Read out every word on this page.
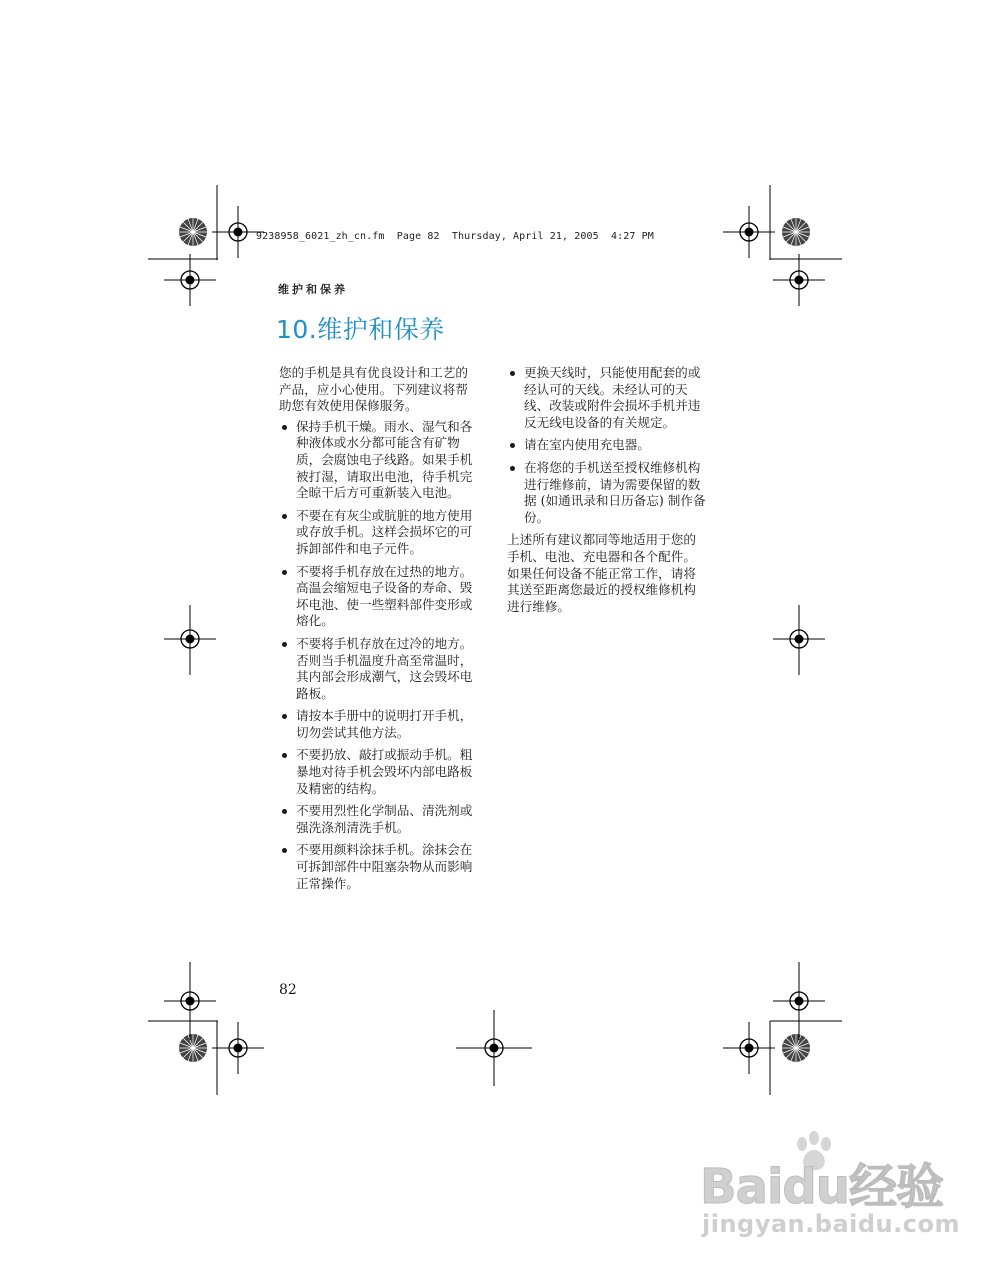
9238958_6021_zh_cn.fm  Page 82  Thursday, April 21, 2005  4:27 PM
维护和保养
10.维护和保养

您的手机是具有优良设计和工艺的产品，应小心使用。下列建议将帮助您有效使用保修服务。

保持手机干燥。雨水、湿气和各种液体或水分都可能含有矿物质，会腐蚀电子线路。如果手机被打湿，请取出电池，待手机完全晾干后方可重新装入电池。
不要在有灰尘或肮脏的地方使用或存放手机。这样会损坏它的可拆卸部件和电子元件。
不要将手机存放在过热的地方。高温会缩短电子设备的寿命、毁坏电池、使一些塑料部件变形或熔化。
不要将手机存放在过冷的地方。否则当手机温度升高至常温时，其内部会形成潮气，这会毁坏电路板。
请按本手册中的说明打开手机，切勿尝试其他方法。
不要扔放、敲打或振动手机。粗暴地对待手机会毁坏内部电路板及精密的结构。
不要用烈性化学制品、清洗剂或强洗涤剂清洗手机。
不要用颜料涂抹手机。涂抹会在可拆卸部件中阻塞杂物从而影响正常操作。
更换天线时，只能使用配套的或经认可的天线。未经认可的天线、改装或附件会损坏手机并违反无线电设备的有关规定。
请在室内使用充电器。
在将您的手机送至授权维修机构进行维修前，请为需要保留的数据 (如通讯录和日历备忘) 制作备份。

上述所有建议都同等地适用于您的手机、电池、充电器和各个配件。如果任何设备不能正常工作，请将其送至距离您最近的授权维修机构进行维修。

82
Baidu经验
jingyan.baidu.com
